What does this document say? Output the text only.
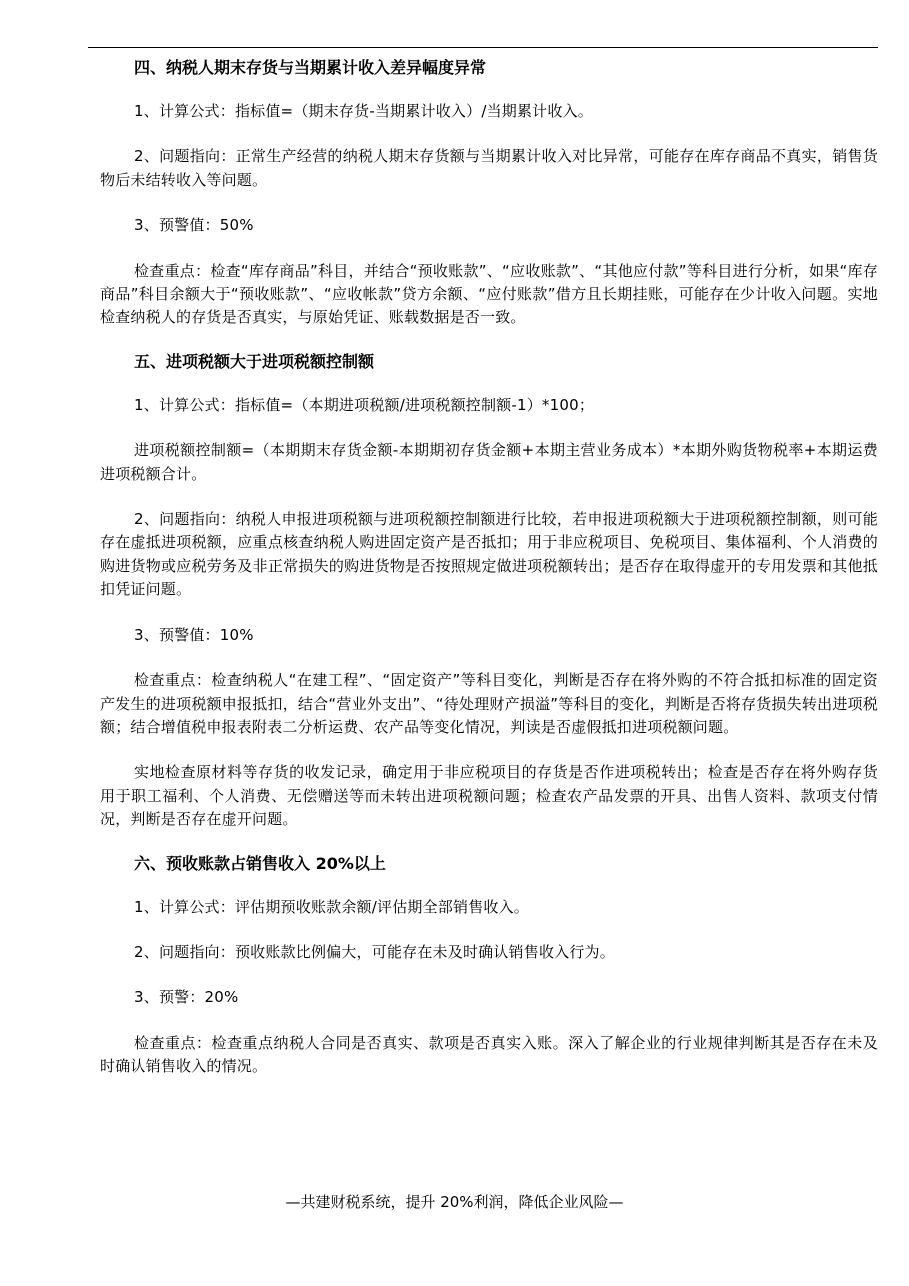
四、纳税人期末存货与当期累计收入差异幅度异常

1、计算公式：指标值=（期末存货-当期累计收入）/当期累计收入。

2、问题指向：正常生产经营的纳税人期末存货额与当期累计收入对比异常，可能存在库存商品不真实，销售货物后未结转收入等问题。

3、预警值：50%

检查重点：检查“库存商品”科目，并结合“预收账款”、“应收账款”、“其他应付款”等科目进行分析，如果“库存商品”科目余额大于“预收账款”、“应收帐款”贷方余额、“应付账款”借方且长期挂账，可能存在少计收入问题。实地检查纳税人的存货是否真实，与原始凭证、账载数据是否一致。

五、进项税额大于进项税额控制额

1、计算公式：指标值=（本期进项税额/进项税额控制额-1）*100；

进项税额控制额=（本期期末存货金额-本期期初存货金额+本期主营业务成本）*本期外购货物税率+本期运费进项税额合计。

2、问题指向：纳税人申报进项税额与进项税额控制额进行比较，若申报进项税额大于进项税额控制额，则可能存在虚抵进项税额，应重点核查纳税人购进固定资产是否抵扣；用于非应税项目、免税项目、集体福利、个人消费的购进货物或应税劳务及非正常损失的购进货物是否按照规定做进项税额转出；是否存在取得虚开的专用发票和其他抵扣凭证问题。

3、预警值：10%

检查重点：检查纳税人“在建工程”、“固定资产”等科目变化，判断是否存在将外购的不符合抵扣标准的固定资产发生的进项税额申报抵扣，结合“营业外支出”、“待处理财产损溢”等科目的变化，判断是否将存货损失转出进项税额；结合增值税申报表附表二分析运费、农产品等变化情况，判读是否虚假抵扣进项税额问题。

实地检查原材料等存货的收发记录，确定用于非应税项目的存货是否作进项税转出；检查是否存在将外购存货用于职工福利、个人消费、无偿赠送等而未转出进项税额问题；检查农产品发票的开具、出售人资料、款项支付情况，判断是否存在虚开问题。

六、预收账款占销售收入 20%以上

1、计算公式：评估期预收账款余额/评估期全部销售收入。

2、问题指向：预收账款比例偏大，可能存在未及时确认销售收入行为。

3、预警：20%

检查重点：检查重点纳税人合同是否真实、款项是否真实入账。深入了解企业的行业规律判断其是否存在未及时确认销售收入的情况。

—共建财税系统，提升 20%利润，降低企业风险—
